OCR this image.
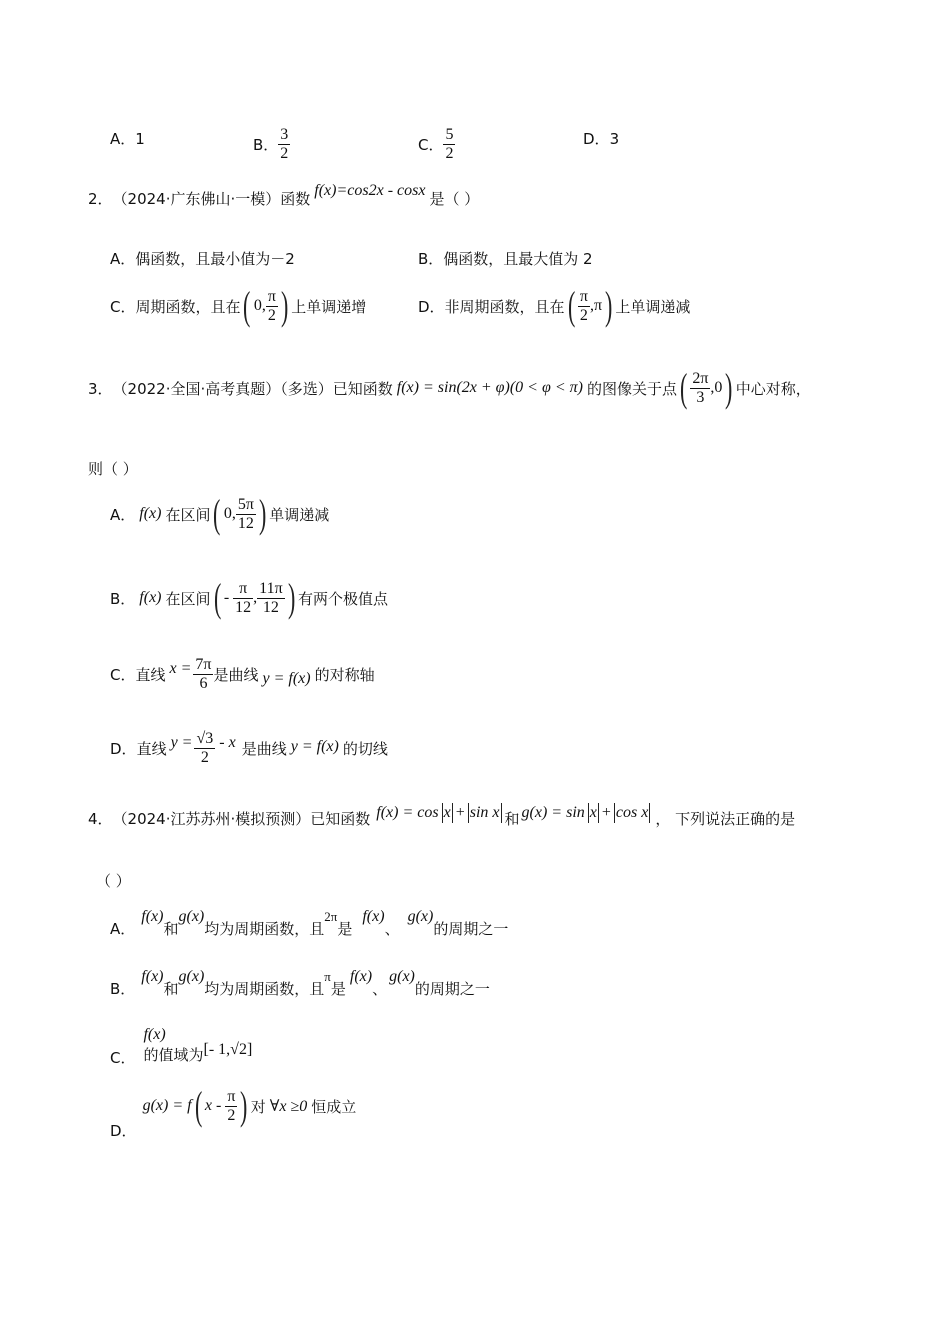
A． 1	B． $\frac{3}{2}$	C． $\frac{5}{2}$	D． 3
2． （2024·广东佛山·一模）函数 f(x)=cos2x - cosx 是（ ）
A．偶函数，且最小值为－2	B．偶函数，且最大值为 2
C．周期函数，且在 ( 0, $\frac{\pi}{2}$ ) 上单调递增	D．非周期函数，且在 ( $\frac{\pi}{2} ,\pi$ ) 上单调递减
3． （2022·全国·高考真题）（多选）已知函数 f(x) = sin(2x + φ)(0 < φ < π) 的图像关于点 ( $\frac{2\pi}{3} ,0$ ) 中心对称，
则（ ）
A． f(x) 在区间 ( 0, $\frac{5\pi}{12}$ ) 单调递减
B． f(x) 在区间 ( - $\frac{\pi}{12}$ , $\frac{11\pi}{12}$ ) 有两个极值点
C． 直线 $x = \frac{7\pi}{6}$ 是曲线 y = f(x) 的对称轴
D． 直线 $y = \frac{√3}{2} - x$ 是曲线 y = f(x) 的切线
4． （2024·江苏苏州·模拟预测）已知函数 f(x) = cos x + sin x 和 g(x) = sin x + cos x ， 下列说法正确的是
（ ）
A．
f(x)
和
g(x)
均为周期函数，且
2π
是
f(x)
、
g(x)
的周期之一
B．
f(x)
和
g(x)
均为周期函数，且
π
是
f(x)
、
g(x)
的周期之一
C．
f(x)
的值域为 [- 1,√2]
D．
g(x) = f ( x - $\frac{\pi}{2}$ ) 对 ∀x ≥0 恒成立
